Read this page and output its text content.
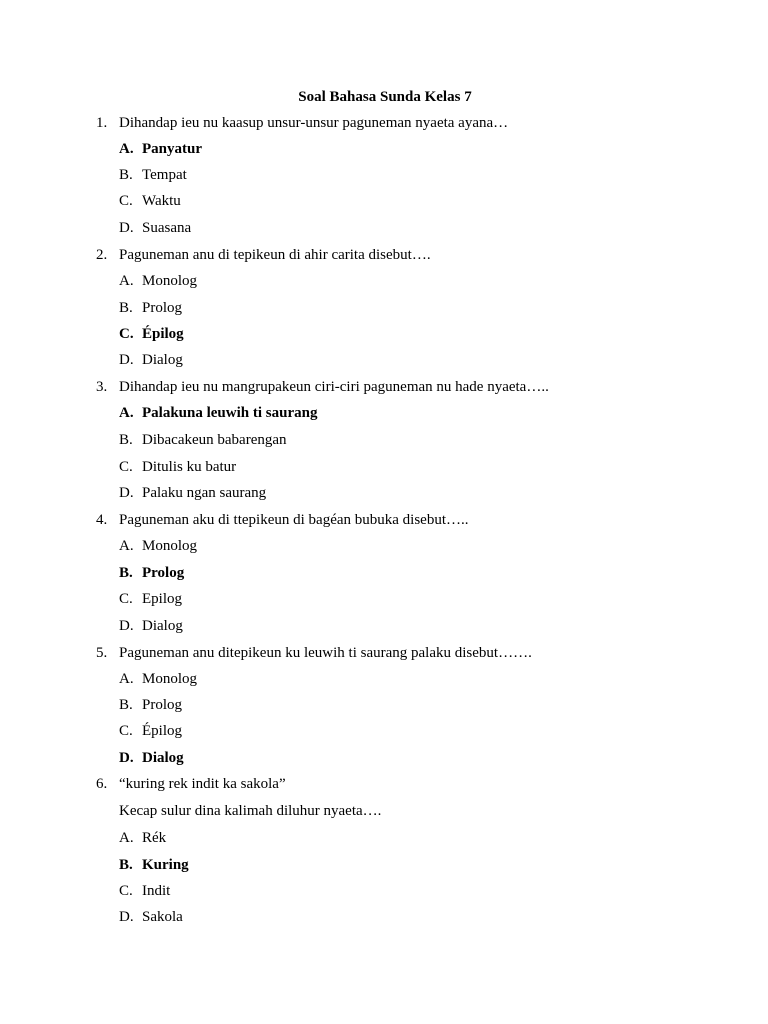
Soal Bahasa Sunda Kelas 7
1. Dihandap ieu nu kaasup unsur-unsur paguneman nyaeta ayana…
A. Panyatur
B. Tempat
C. Waktu
D. Suasana
2. Paguneman anu di tepikeun di ahir carita disebut….
A. Monolog
B. Prolog
C. Épilog
D. Dialog
3. Dihandap ieu nu mangrupakeun ciri-ciri paguneman nu hade nyaeta…..
A. Palakuna leuwih ti saurang
B. Dibacakeun babarengan
C. Ditulis ku batur
D. Palaku ngan saurang
4. Paguneman aku di ttepikeun di bagéan bubuka disebut…..
A. Monolog
B. Prolog
C. Epilog
D. Dialog
5. Paguneman anu ditepikeun ku leuwih ti saurang palaku disebut…….
A. Monolog
B. Prolog
C. Épilog
D. Dialog
6. “kuring rek indit ka sakola”
Kecap sulur dina kalimah diluhur nyaeta….
A. Rék
B. Kuring
C. Indit
D. Sakola
